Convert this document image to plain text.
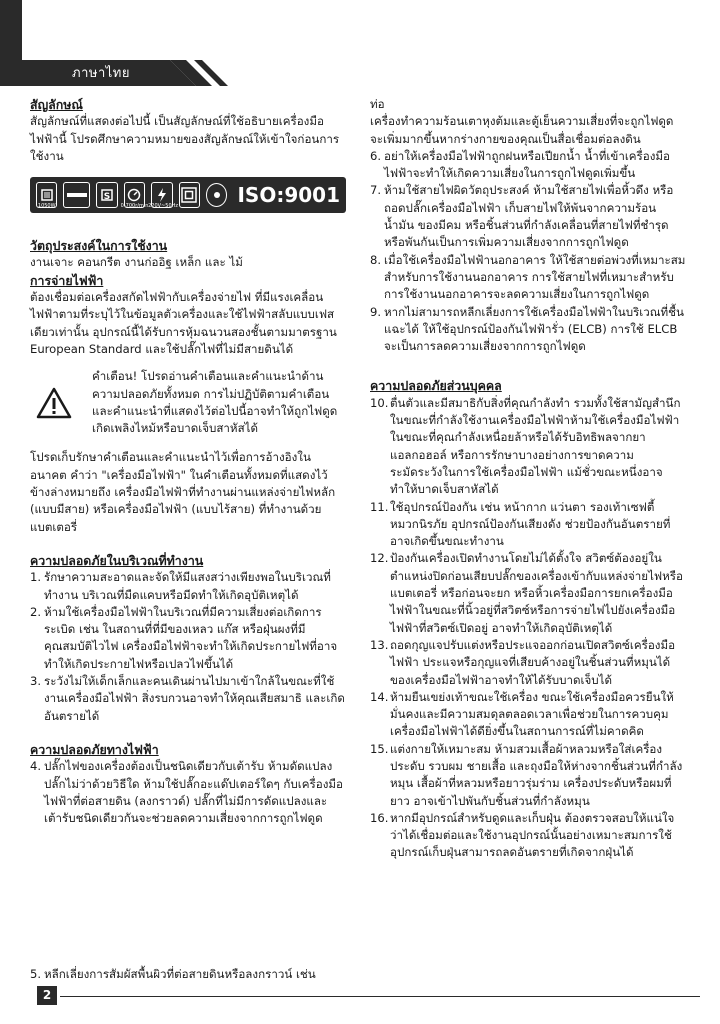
ภาษาไทย

สัญลักษณ์

สัญลักษณ์ที่แสดงต่อไปนี้ เป็นสัญลักษณ์ที่ใช้อธิบายเครื่องมือไฟฟ้านี้ โปรดศึกษาความหมายของสัญลักษณ์ให้เข้าใจก่อนการใช้งาน

1050W
S
0-700r/min 220V~50Hz	ISO:9001

วัตถุประสงค์ในการใช้งาน

งานเจาะ คอนกรีต งานก่ออิฐ เหล็ก และ ไม้

การจ่ายไฟฟ้า

ต้องเชื่อมต่อเครื่องสกัดไฟฟ้ากับเครื่องจ่ายไฟ ที่มีแรงเคลื่อนไฟฟ้าตามที่ระบุไว้ในข้อมูลตัวเครื่องและใช้ไฟฟ้าสลับแบบเฟสเดียวเท่านั้น อุปกรณ์นี้ได้รับการหุ้มฉนวนสองชั้นตามมาตรฐาน European Standard และใช้ปลั๊กไฟที่ไม่มีสายดินได้

คำเตือน! โปรดอ่านคำเตือนและคำแนะนำด้านความปลอดภัยทั้งหมด การไม่ปฏิบัติตามคำเตือนและคำแนะนำที่แสดงไว้ต่อไปนี้อาจทำให้ถูกไฟดูด เกิดเพลิงไหม้หรือบาดเจ็บสาหัสได้

โปรดเก็บรักษาคำเตือนและคำแนะนำไว้เพื่อการอ้างอิงในอนาคต คำว่า "เครื่องมือไฟฟ้า" ในคำเตือนทั้งหมดที่แสดงไว้ข้างล่างหมายถึง เครื่องมือไฟฟ้าที่ทำงานผ่านแหล่งจ่ายไฟหลัก (แบบมีสาย) หรือเครื่องมือไฟฟ้า (แบบไร้สาย) ที่ทำงานด้วยแบตเตอรี่

ความปลอดภัยในบริเวณที่ทำงาน

1. รักษาความสะอาดและจัดให้มีแสงสว่างเพียงพอในบริเวณที่ทำงาน บริเวณที่มืดแคบหรือมีดทำให้เกิดอุบัติเหตุได้
2. ห้ามใช้เครื่องมือไฟฟ้าในบริเวณที่มีความเสี่ยงต่อเกิดการระเบิด เช่น ในสถานที่ที่มีของเหลว แก๊ส หรือฝุ่นผงที่มีคุณสมบัติไวไฟ เครื่องมือไฟฟ้าจะทำให้เกิดประกายไฟที่อาจทำให้เกิดประกายไฟหรือเปลวไฟขึ้นได้
3. ระวังไม่ให้เด็กเล็กและคนเดินผ่านไปมาเข้าใกล้ในขณะที่ใช้งานเครื่องมือไฟฟ้า สิ่งรบกวนอาจทำให้คุณเสียสมาธิ และเกิดอันตรายได้

ความปลอดภัยทางไฟฟ้า

4. ปลั๊กไฟของเครื่องต้องเป็นชนิดเดียวกับเต้ารับ ห้ามดัดแปลงปลั๊กไม่ว่าด้วยวิธีใด ห้ามใช้ปลั๊กอะแด๊ปเตอร์ใดๆ กับเครื่องมือไฟฟ้าที่ต่อสายดิน (ลงกราวด์) ปลั๊กที่ไม่มีการดัดแปลงและเต้ารับชนิดเดียวกันจะช่วยลดความเสี่ยงจากการถูกไฟดูด
5. หลีกเลี่ยงการสัมผัสพื้นผิวที่ต่อสายดินหรือลงกราวน์ เช่น

ท่อ

เครื่องทำความร้อนเตาหุงต้มและตู้เย็นความเสี่ยงที่จะถูกไฟดูดจะเพิ่มมากขึ้นหากร่างกายของคุณเป็นสื่อเชื่อมต่อลงดิน

6. อย่าให้เครื่องมือไฟฟ้าถูกฝนหรือเปียกน้ำ น้ำที่เข้าเครื่องมือไฟฟ้าจะทำให้เกิดความเสี่ยงในการถูกไฟดูดเพิ่มขึ้น
7. ห้ามใช้สายไฟผิดวัตถุประสงค์ ห้ามใช้สายไฟเพื่อหิ้วดึง หรือถอดปลั๊กเครื่องมือไฟฟ้า เก็บสายไฟให้พ้นจากความร้อนน้ำมัน ของมีคม หรือชิ้นส่วนที่กำลังเคลื่อนที่สายไฟที่ชำรุดหรือพันกันเป็นการเพิ่มความเสี่ยงจากการถูกไฟดูด
8. เมื่อใช้เครื่องมือไฟฟ้านอกอาคาร ให้ใช้สายต่อพ่วงที่เหมาะสมสำหรับการใช้งานนอกอาคาร การใช้สายไฟที่เหมาะสำหรับการใช้งานนอกอาคารจะลดความเสี่ยงในการถูกไฟดูด
9. หากไม่สามารถหลีกเลี่ยงการใช้เครื่องมือไฟฟ้าในบริเวณที่ชื้นแฉะได้ ให้ใช้อุปกรณ์ป้องกันไฟฟ้ารั่ว (ELCB) การใช้ ELCB จะเป็นการลดความเสี่ยงจากการถูกไฟดูด

ความปลอดภัยส่วนบุคคล

10. ตื่นตัวและมีสมาธิกับสิ่งที่คุณกำลังทำ รวมทั้งใช้สามัญสำนึกในขณะที่กำลังใช้งานเครื่องมือไฟฟ้าห้ามใช้เครื่องมือไฟฟ้าในขณะที่คุณกำลังเหนื่อยล้าหรือได้รับอิทธิพลจากยาแอลกอฮอล์ หรือการรักษาบางอย่างการขาดความระมัดระวังในการใช้เครื่องมือไฟฟ้า แม้ชั่วขณะหนึ่งอาจทำให้บาดเจ็บสาหัสได้
11. ใช้อุปกรณ์ป้องกัน เช่น หน้ากาก แว่นตา รองเท้าเซฟตี้ หมวกนิรภัย อุปกรณ์ป้องกันเสียงดัง ช่วยป้องกันอันตรายที่อาจเกิดขึ้นขณะทำงาน
12. ป้องกันเครื่องเปิดทำงานโดยไม่ได้ตั้งใจ สวิตซ์ต้องอยู่ในตำแหน่งปิดก่อนเสียบปลั๊กของเครื่องเข้ากับแหล่งจ่ายไฟหรือแบตเตอรี่ หรือก่อนจะยก หรือหิ้วเครื่องมือการยกเครื่องมือไฟฟ้าในขณะที่นิ้วอยู่ที่สวิตซ์หรือการจ่ายไฟไปยังเครื่องมือไฟฟ้าที่สวิตซ์เปิดอยู่ อาจทำให้เกิดอุบัติเหตุได้
13. ถอดกุญแจปรับแต่งหรือประแจออกก่อนเปิดสวิตซ์เครื่องมือไฟฟ้า ประแจหรือกุญแจที่เสียบค้างอยู่ในชิ้นส่วนที่หมุนได้ของเครื่องมือไฟฟ้าอาจทำให้ได้รับบาดเจ็บได้
14. ห้ามยืนเขย่งเท้าขณะใช้เครื่อง ขณะใช้เครื่องมือควรยืนให้มั่นคงและมีความสมดุลตลอดเวลาเพื่อช่วยในการควบคุมเครื่องมือไฟฟ้าได้ดียิ่งขึ้นในสถานการณ์ที่ไม่คาดคิด
15. แต่งกายให้เหมาะสม ห้ามสวมเสื้อผ้าหลวมหรือใส่เครื่องประดับ รวบผม ชายเสื้อ และถุงมือให้ห่างจากชิ้นส่วนที่กำลังหมุน เสื้อผ้าที่หลวมหรือยาวรุ่มร่าม เครื่องประดับหรือผมที่ยาว อาจเข้าไปพันกับชิ้นส่วนที่กำลังหมุน
16. หากมีอุปกรณ์สำหรับดูดและเก็บฝุ่น ต้องตรวจสอบให้แน่ใจว่าได้เชื่อมต่อและใช้งานอุปกรณ์นั้นอย่างเหมาะสมการใช้อุปกรณ์เก็บฝุ่นสามารถลดอันตรายที่เกิดจากฝุ่นได้
2
